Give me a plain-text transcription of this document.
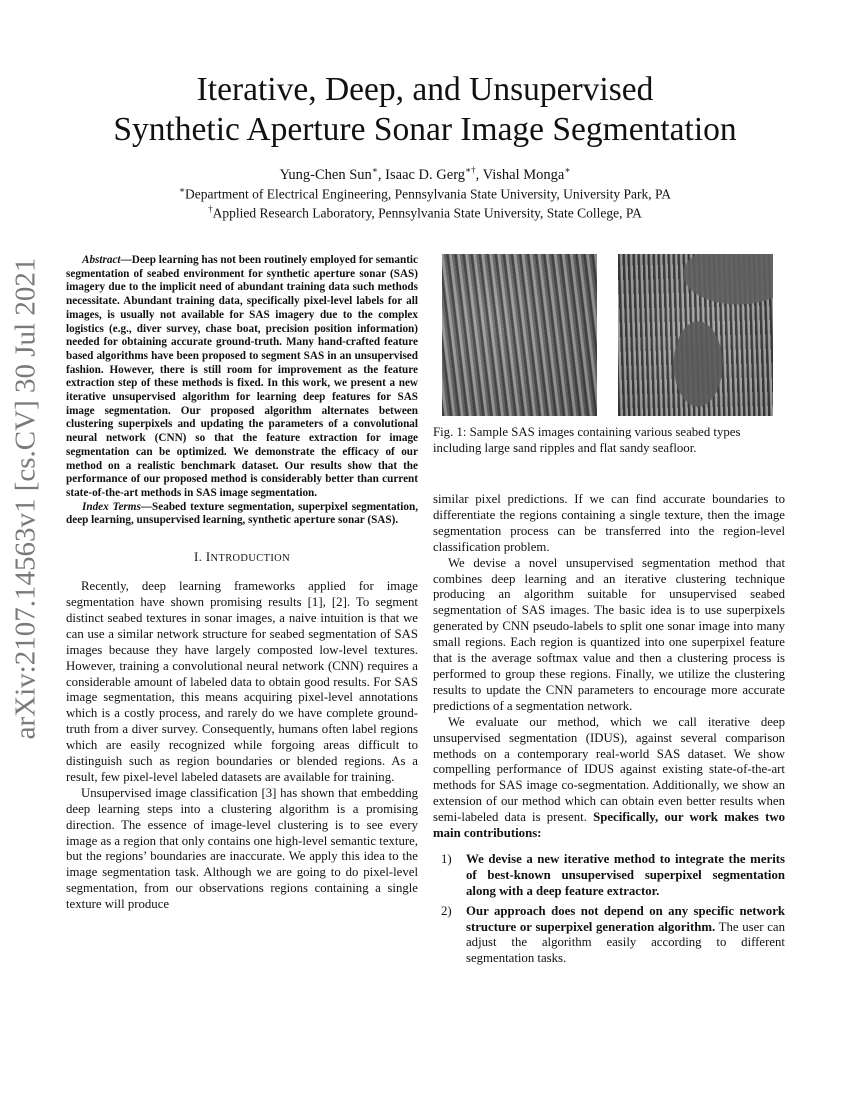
arXiv:2107.14563v1 [cs.CV] 30 Jul 2021
Iterative, Deep, and Unsupervised
Synthetic Aperture Sonar Image Segmentation
Yung-Chen Sun∗, Isaac D. Gerg∗†, Vishal Monga∗
∗Department of Electrical Engineering, Pennsylvania State University, University Park, PA
†Applied Research Laboratory, Pennsylvania State University, State College, PA

Abstract—Deep learning has not been routinely employed for semantic segmentation of seabed environment for synthetic aperture sonar (SAS) imagery due to the implicit need of abundant training data such methods necessitate. Abundant training data, specifically pixel-level labels for all images, is usually not available for SAS imagery due to the complex logistics (e.g., diver survey, chase boat, precision position information) needed for obtaining accurate ground-truth. Many hand-crafted feature based algorithms have been proposed to segment SAS in an unsupervised fashion. However, there is still room for improvement as the feature extraction step of these methods is fixed. In this work, we present a new iterative unsupervised algorithm for learning deep features for SAS image segmentation. Our proposed algorithm alternates between clustering superpixels and updating the parameters of a convolutional neural network (CNN) so that the feature extraction for image segmentation can be optimized. We demonstrate the efficacy of our method on a realistic benchmark dataset. Our results show that the performance of our proposed method is considerably better than current state-of-the-art methods in SAS image segmentation.

Index Terms—Seabed texture segmentation, superpixel segmentation, deep learning, unsupervised learning, synthetic aperture sonar (SAS).

I. INTRODUCTION

Recently, deep learning frameworks applied for image segmentation have shown promising results [1], [2]. To segment distinct seabed textures in sonar images, a naive intuition is that we can use a similar network structure for seabed segmentation of SAS images because they have largely composted low-level textures. However, training a convolutional neural network (CNN) requires a considerable amount of labeled data to obtain good results. For SAS image segmentation, this means acquiring pixel-level annotations which is a costly process, and rarely do we have complete ground-truth from a diver survey. Consequently, humans often label regions which are easily recognized while forgoing areas difficult to distinguish such as region boundaries or blended regions. As a result, few pixel-level labeled datasets are available for training.

Unsupervised image classification [3] has shown that embedding deep learning steps into a clustering algorithm is a promising direction. The essence of image-level clustering is to see every image as a region that only contains one high-level semantic texture, but the regions’ boundaries are inaccurate. We apply this idea to the image segmentation task. Although we are going to do pixel-level segmentation, from our observations regions containing a single texture will produce

Fig. 1: Sample SAS images containing various seabed types including large sand ripples and flat sandy seafloor.

similar pixel predictions. If we can find accurate boundaries to differentiate the regions containing a single texture, then the image segmentation process can be transferred into the region-level classification problem.

We devise a novel unsupervised segmentation method that combines deep learning and an iterative clustering technique producing an algorithm suitable for unsupervised seabed segmentation of SAS images. The basic idea is to use superpixels generated by CNN pseudo-labels to split one sonar image into many small regions. Each region is quantized into one superpixel feature that is the average softmax value and then a clustering process is performed to group these regions. Finally, we utilize the clustering results to update the CNN parameters to encourage more accurate predictions of a segmentation network.

We evaluate our method, which we call iterative deep unsupervised segmentation (IDUS), against several comparison methods on a contemporary real-world SAS dataset. We show compelling performance of IDUS against existing state-of-the-art methods for SAS image co-segmentation. Additionally, we show an extension of our method which can obtain even better results when semi-labeled data is present. Specifically, our work makes two main contributions:

1) We devise a new iterative method to integrate the merits of best-known unsupervised superpixel segmentation along with a deep feature extractor.
2) Our approach does not depend on any specific network structure or superpixel generation algorithm. The user can adjust the algorithm easily according to different segmentation tasks.
